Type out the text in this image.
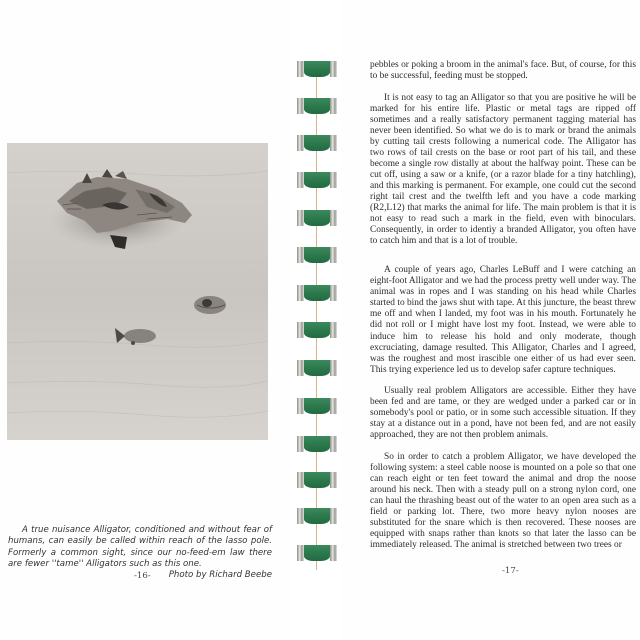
A true nuisance Alligator, conditioned and without fear of humans, can easily be called within reach of the lasso pole. Formerly a common sight, since our no-feed-em law there are fewer ''tame'' Alligators such as this one.
Photo by Richard Beebe
-16-

pebbles or poking a broom in the animal's face. But, of course, for this to be successful, feeding must be stopped.

It is not easy to tag an Alligator so that you are positive he will be marked for his entire life. Plastic or metal tags are ripped off sometimes and a really satisfactory permanent tagging material has never been identified. So what we do is to mark or brand the animals by cutting tail crests following a numerical code. The Alligator has two rows of tail crests on the base or root part of his tail, and these become a single row distally at about the halfway point. These can be cut off, using a saw or a knife, (or a razor blade for a tiny hatchling), and this marking is permanent. For example, one could cut the second right tail crest and the twelfth left and you have a code marking (R2,L12) that marks the animal for life. The main problem is that it is not easy to read such a mark in the field, even with binoculars. Consequently, in order to identiy a branded Alligator, you often have to catch him and that is a lot of trouble.

A couple of years ago, Charles LeBuff and I were catching an eight-foot Alligator and we had the process pretty well under way. The animal was in ropes and I was standing on his head while Charles started to bind the jaws shut with tape. At this juncture, the beast threw me off and when I landed, my foot was in his mouth. Fortunately he did not roll or I might have lost my foot. Instead, we were able to induce him to release his hold and only moderate, though excruciating, damage resulted. This Alligator, Charles and I agreed, was the roughest and most irascible one either of us had ever seen. This trying experience led us to develop safer capture techniques.

Usually real problem Alligators are accessible. Either they have been fed and are tame, or they are wedged under a parked car or in somebody's pool or patio, or in some such accessible situation. If they stay at a distance out in a pond, have not been fed, and are not easily approached, they are not then problem animals.

So in order to catch a problem Alligator, we have developed the following system: a steel cable noose is mounted on a pole so that one can reach eight or ten feet toward the animal and drop the noose around his neck. Then with a steady pull on a strong nylon cord, one can haul the thrashing beast out of the water to an open area such as a field or parking lot. There, two more heavy nylon nooses are substituted for the snare which is then recovered. These nooses are equipped with snaps rather than knots so that later the lasso can be immediately released. The animal is stretched between two trees or

-17-
